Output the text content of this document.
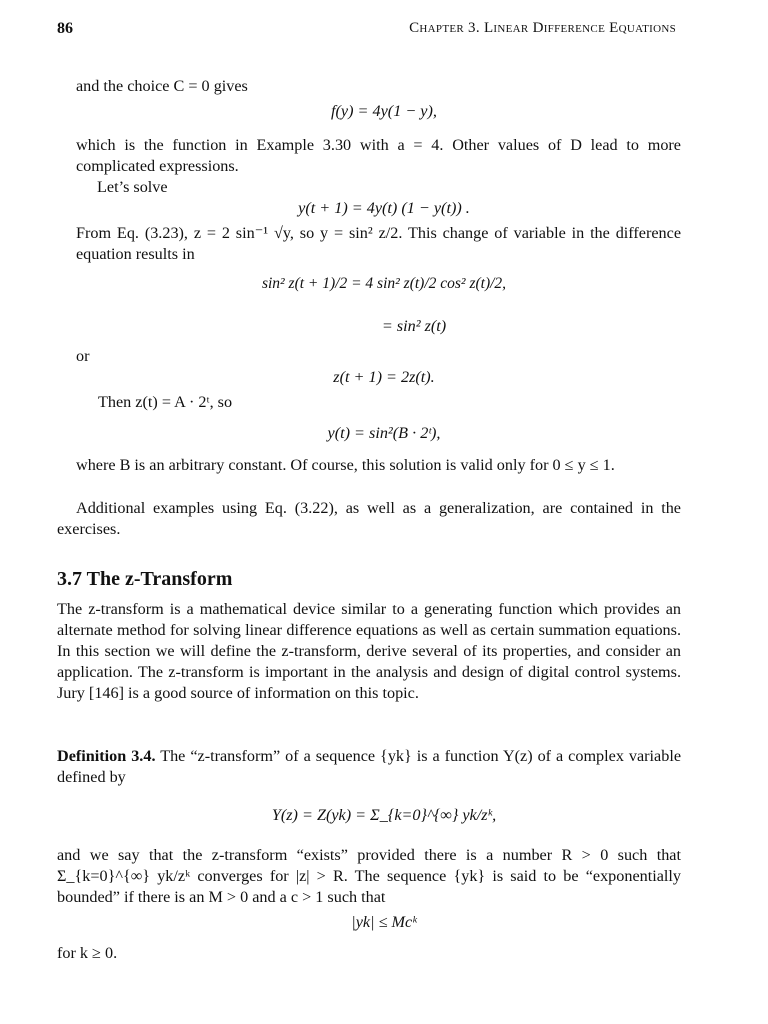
86	Chapter 3. Linear Difference Equations
and the choice C = 0 gives
f(y) = 4y(1 − y),
which is the function in Example 3.30 with a = 4. Other values of D lead to more complicated expressions.
Let’s solve
y(t + 1) = 4y(t) (1 − y(t)) .
From Eq. (3.23), z = 2 sin⁻¹ √y, so y = sin² z/2. This change of variable in the difference equation results in
sin² z(t + 1)/2 = 4 sin² z(t)/2 cos² z(t)/2,
= sin² z(t)
or
z(t + 1) = 2z(t).
Then z(t) = A · 2ᵗ, so
y(t) = sin²(B · 2ᵗ),
where B is an arbitrary constant. Of course, this solution is valid only for 0 ≤ y ≤ 1.
Additional examples using Eq. (3.22), as well as a generalization, are contained in the exercises.
3.7 The z-Transform
The z-transform is a mathematical device similar to a generating function which provides an alternate method for solving linear difference equations as well as certain summation equations. In this section we will define the z-transform, derive several of its properties, and consider an application. The z-transform is important in the analysis and design of digital control systems. Jury [146] is a good source of information on this topic.
Definition 3.4. The “z-transform” of a sequence {yk} is a function Y(z) of a complex variable defined by
Y(z) = Z(yk) = Σ_{k=0}^{∞} yk/zᵏ,
and we say that the z-transform “exists” provided there is a number R > 0 such that Σ_{k=0}^{∞} yk/zᵏ converges for |z| > R. The sequence {yk} is said to be “exponentially bounded” if there is an M > 0 and a c > 1 such that
|yk| ≤ Mcᵏ
for k ≥ 0.
